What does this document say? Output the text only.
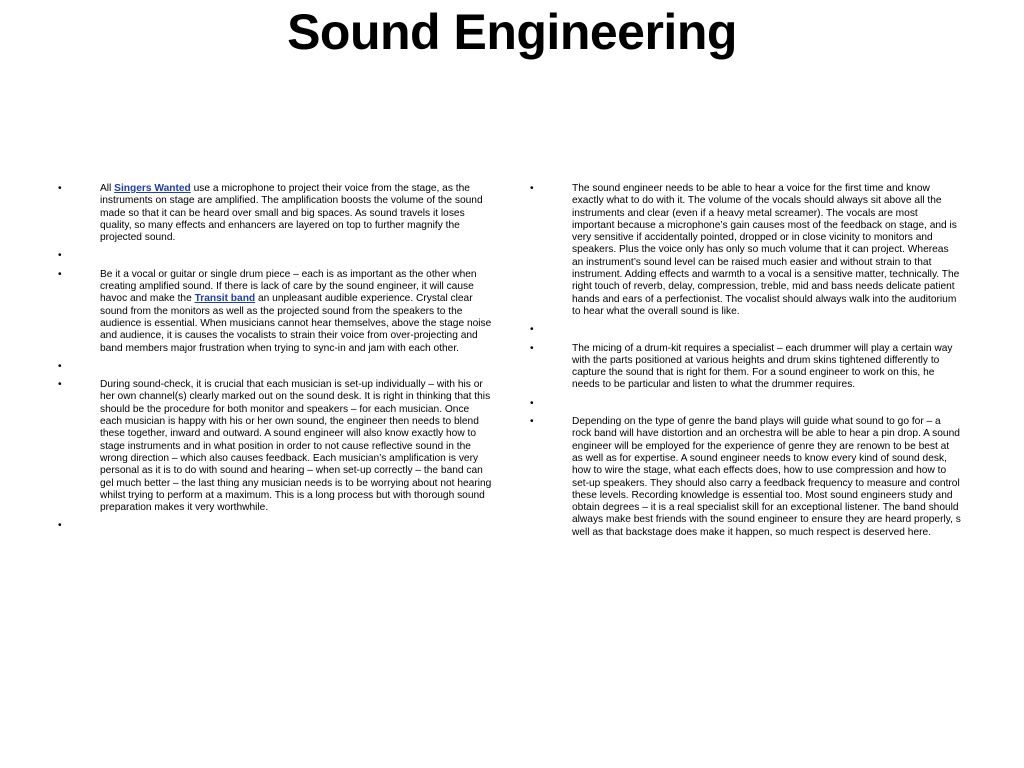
Sound Engineering
•	All Singers Wanted use a microphone to project their voice from the stage, as the instruments on stage are amplified. The amplification boosts the volume of the sound made so that it can be heard over small and big spaces. As sound travels it loses quality, so many effects and enhancers are layered on top to further magnify the projected sound.
•
•	Be it a vocal or guitar or single drum piece – each is as important as the other when creating amplified sound. If there is lack of care by the sound engineer, it will cause havoc and make the Transit band an unpleasant audible experience. Crystal clear sound from the monitors as well as the projected sound from the speakers to the audience is essential. When musicians cannot hear themselves, above the stage noise and audience, it is causes the vocalists to strain their voice from over-projecting and band members major frustration when trying to sync-in and jam with each other.
•
•	During sound-check, it is crucial that each musician is set-up individually – with his or her own channel(s) clearly marked out on the sound desk. It is right in thinking that this should be the procedure for both monitor and speakers – for each musician. Once each musician is happy with his or her own sound, the engineer then needs to blend these together, inward and outward. A sound engineer will also know exactly how to stage instruments and in what position in order to not cause reflective sound in the wrong direction – which also causes feedback. Each musician’s amplification is very personal as it is to do with sound and hearing – when set-up correctly – the band can gel much better – the last thing any musician needs is to be worrying about not hearing whilst trying to perform at a maximum. This is a long process but with thorough sound preparation makes it very worthwhile.
•
•	The sound engineer needs to be able to hear a voice for the first time and know exactly what to do with it. The volume of the vocals should always sit above all the instruments and clear (even if a heavy metal screamer). The vocals are most important because a microphone’s gain causes most of the feedback on stage, and is very sensitive if accidentally pointed, dropped or in close vicinity to monitors and speakers. Plus the voice only has only so much volume that it can project. Whereas an instrument’s sound level can be raised much easier and without strain to that instrument. Adding effects and warmth to a vocal is a sensitive matter, technically. The right touch of reverb, delay, compression, treble, mid and bass needs delicate patient hands and ears of a perfectionist. The vocalist should always walk into the auditorium to hear what the overall sound is like.
•
•	The micing of a drum-kit requires a specialist – each drummer will play a certain way with the parts positioned at various heights and drum skins tightened differently to capture the sound that is right for them. For a sound engineer to work on this, he needs to be particular and listen to what the drummer requires.
•
•	Depending on the type of genre the band plays will guide what sound to go for – a rock band will have distortion and an orchestra will be able to hear a pin drop. A sound engineer will be employed for the experience of genre they are renown to be best at as well as for expertise. A sound engineer needs to know every kind of sound desk, how to wire the stage, what each effects does, how to use compression and how to set-up speakers. They should also carry a feedback frequency to measure and control these levels. Recording knowledge is essential too. Most sound engineers study and obtain degrees – it is a real specialist skill for an exceptional listener. The band should always make best friends with the sound engineer to ensure they are heard properly, s well as that backstage does make it happen, so much respect is deserved here.
